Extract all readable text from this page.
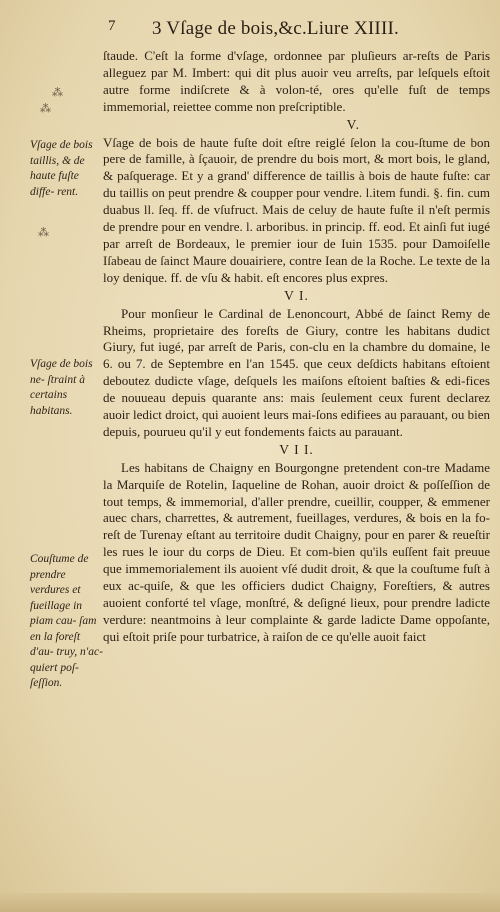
7 3 Vſage de bois,&c.Liure XIIII.
⁂
⁂
⁂
Vſage de bois taillis, & de haute fuſte diffe- rent.
Vſage de bois ne- ſtraint à certains habitans.
Couſtume de prendre verdures et fueillage in piam cau- ſam en la foreſt d'au- truy, n'ac- quiert poſ- ſeſſion.

ſtaude. C'eſt la forme d'vſage, ordonnee par pluſieurs ar-reſts de Paris alleguez par M. Imbert: qui dit plus auoir veu arreſts, par leſquels eſtoit autre forme indiſcrete & à volon-té, ores qu'elle fuſt de temps immemorial, reiettee comme non preſcriptible.

V.

Vſage de bois de haute fuſte doit eſtre reiglé ſelon la cou-ſtume de bon pere de famille, à ſçauoir, de prendre du bois mort, & mort bois, le gland, & paſquerage. Et y a grand' difference de taillis à bois de haute fuſte: car du taillis on peut prendre & coupper pour vendre. l.item fundi. §. fin. cum duabus ll. ſeq. ff. de vſufruct. Mais de celuy de haute fuſte il n'eſt permis de prendre pour en vendre. l. arboribus. in princip. ff. eod. Et ainſi fut iugé par arreſt de Bordeaux, le premier iour de Iuin 1535. pour Damoiſelle Iſabeau de ſainct Maure douairiere, contre Iean de la Roche. Le texte de la loy denique. ff. de vſu & habit. eſt encores plus expres.

V I.

Pour monſieur le Cardinal de Lenoncourt, Abbé de ſainct Remy de Rheims, proprietaire des foreſts de Giury, contre les habitans dudict Giury, fut iugé, par arreſt de Paris, con-clu en la chambre du domaine, le 6. ou 7. de Septembre en l'an 1545. que ceux deſdicts habitans eſtoient deboutez dudicte vſage, deſquels les maiſons eſtoient baſties & edi-fices de nouueau depuis quarante ans: mais ſeulement ceux furent declarez auoir ledict droict, qui auoient leurs mai-ſons edifiees au parauant, ou bien depuis, pourueu qu'il y eut fondements faicts au parauant.

V I I.

Les habitans de Chaigny en Bourgongne pretendent con-tre Madame la Marquiſe de Rotelin, Iaqueline de Rohan, auoir droict & poſſeſſion de tout temps, & immemorial, d'aller prendre, cueillir, coupper, & emmener auec chars, charrettes, & autrement, fueillages, verdures, & bois en la fo-reſt de Turenay eſtant au territoire dudit Chaigny, pour en parer & reueſtir les rues le iour du corps de Dieu. Et com-bien qu'ils euſſent fait preuue que immemorialement ils auoient vſé dudit droit, & que la couſtume fuſt à eux ac-quiſe, & que les officiers dudict Chaigny, Foreſtiers, & autres auoient conforté tel vſage, monſtré, & deſigné lieux, pour prendre ladicte verdure: neantmoins à leur complainte & garde ladicte Dame oppoſante, qui eſtoit priſe pour turbatrice, à raiſon de ce qu'elle auoit faict
